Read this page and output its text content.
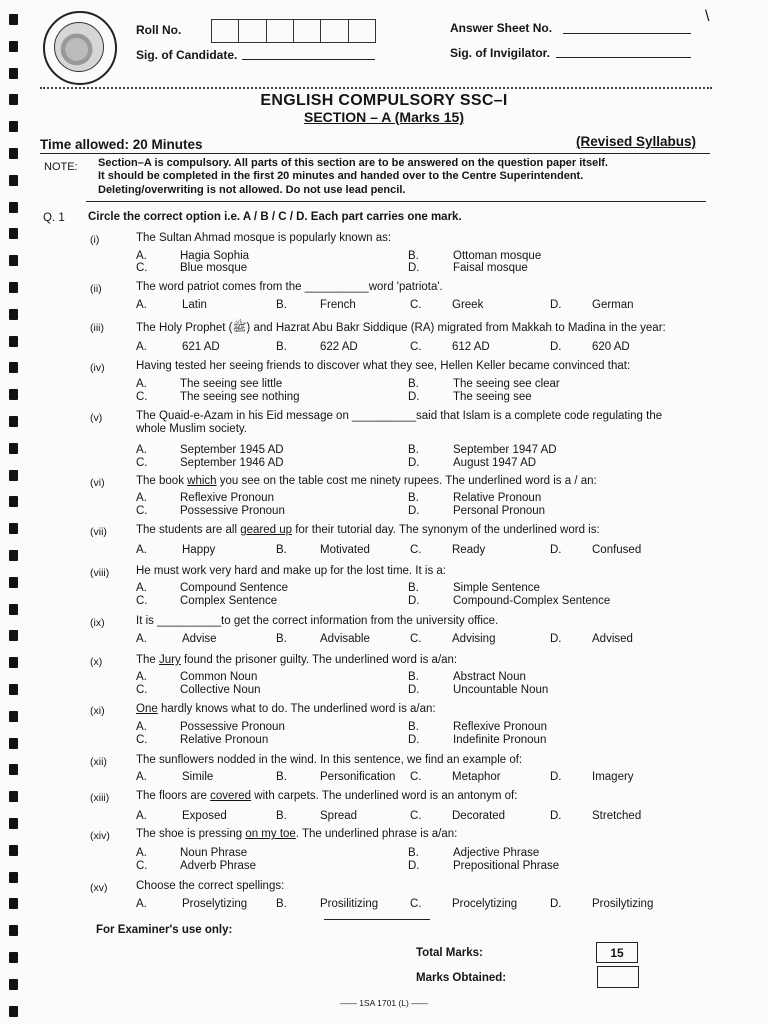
Roll No.
Sig. of Candidate.
Answer Sheet No.
Sig. of Invigilator.
\
ENGLISH COMPULSORY SSC–I
SECTION – A (Marks 15)
Time allowed: 20 Minutes	(Revised Syllabus)
NOTE: Section–A is compulsory. All parts of this section are to be answered on the question paper itself.
It should be completed in the first 20 minutes and handed over to the Centre Superintendent.
Deleting/overwriting is not allowed. Do not use lead pencil.
Q. 1 Circle the correct option i.e. A / B / C / D. Each part carries one mark.
(i)	The Sultan Ahmad mosque is popularly known as:
A.	Hagia Sophia	B.	Ottoman mosque
C.	Blue mosque	D.	Faisal mosque
(ii)	The word patriot comes from the __________word 'patriota'.
A.	Latin	B.	French	C.	Greek	D.	German
(iii)	The Holy Prophet (ﷺ) and Hazrat Abu Bakr Siddique (RA) migrated from Makkah to Madina in the year:
A.	621 AD	B.	622 AD	C.	612 AD	D.	620 AD
(iv)	Having tested her seeing friends to discover what they see, Hellen Keller became convinced that:
A.	The seeing see little	B.	The seeing see clear
C.	The seeing see nothing	D.	The seeing see
(v)	The Quaid-e-Azam in his Eid message on __________said that Islam is a complete code regulating the
whole Muslim society.
A.	September 1945 AD	B.	September 1947 AD
C.	September 1946 AD	D.	August 1947 AD
(vi)	The book which you see on the table cost me ninety rupees. The underlined word is a / an:
A.	Reflexive Pronoun	B.	Relative Pronoun
C.	Possessive Pronoun	D.	Personal Pronoun
(vii)	The students are all geared up for their tutorial day. The synonym of the underlined word is:
A.	Happy	B.	Motivated	C.	Ready	D.	Confused
(viii) He must work very hard and make up for the lost time. It is a:
A.	Compound Sentence	B.	Simple Sentence
C.	Complex Sentence	D.	Compound-Complex Sentence
(ix)	It is __________to get the correct information from the university office.
A.	Advise	B.	Advisable	C.	Advising	D.	Advised
(x)	The Jury found the prisoner guilty. The underlined word is a/an:
A.	Common Noun	B.	Abstract Noun
C.	Collective Noun	D.	Uncountable Noun
(xi)	One hardly knows what to do. The underlined word is a/an:
A.	Possessive Pronoun	B.	Reflexive Pronoun
C.	Relative Pronoun	D.	Indefinite Pronoun
(xii)	The sunflowers nodded in the wind. In this sentence, we find an example of:
A.	Simile	B.	Personification C.	Metaphor	D.	Imagery
(xiii) The floors are covered with carpets. The underlined word is an antonym of:
A.	Exposed	B.	Spread	C.	Decorated	D.	Stretched
(xiv) The shoe is pressing on my toe. The underlined phrase is a/an:
A.	Noun Phrase	B.	Adjective Phrase
C.	Adverb Phrase	D.	Prepositional Phrase
(xv) Choose the correct spellings:
A.	Proselytizing	B.	Prosilitizing	C.	Procelytizing	D.	Prosilytizing
For Examiner's use only:
Total Marks:	15
Marks Obtained:
—— 1SA 1701 (L) ——
